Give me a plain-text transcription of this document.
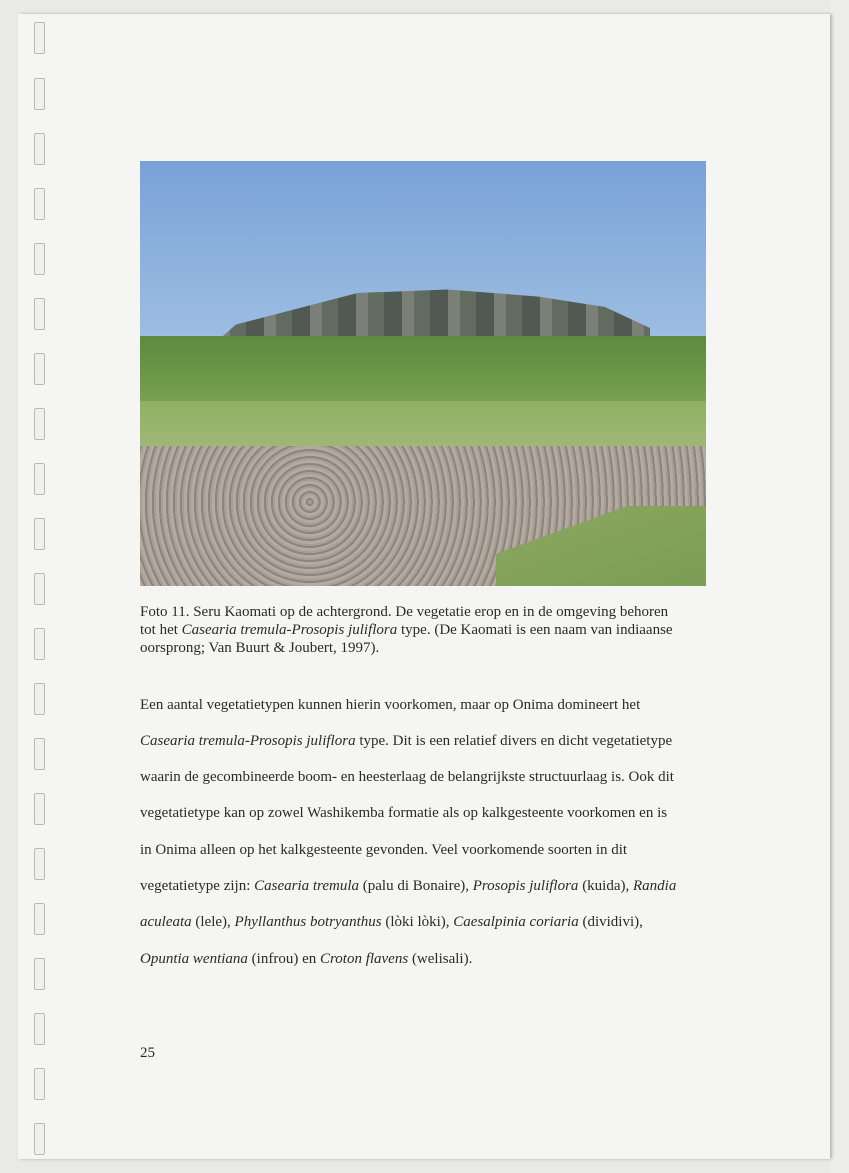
Foto 11. Seru Kaomati op de achtergrond. De vegetatie erop en in de omgeving behoren
tot het Casearia tremula-Prosopis juliflora type. (De Kaomati is een naam van indiaanse
oorsprong; Van Buurt & Joubert, 1997).
Een aantal vegetatietypen kunnen hierin voorkomen, maar op Onima domineert het
Casearia tremula-Prosopis juliflora type. Dit is een relatief divers en dicht vegetatietype
waarin de gecombineerde boom- en heesterlaag de belangrijkste structuurlaag is. Ook dit
vegetatietype kan op zowel Washikemba formatie als op kalkgesteente voorkomen en is
in Onima alleen op het kalkgesteente gevonden. Veel voorkomende soorten in dit
vegetatietype zijn: Casearia tremula (palu di Bonaire), Prosopis juliflora (kuida), Randia
aculeata (lele), Phyllanthus botryanthus (lòki lòki), Caesalpinia coriaria (dividivi),
Opuntia wentiana (infrou) en Croton flavens (welisali).
25
